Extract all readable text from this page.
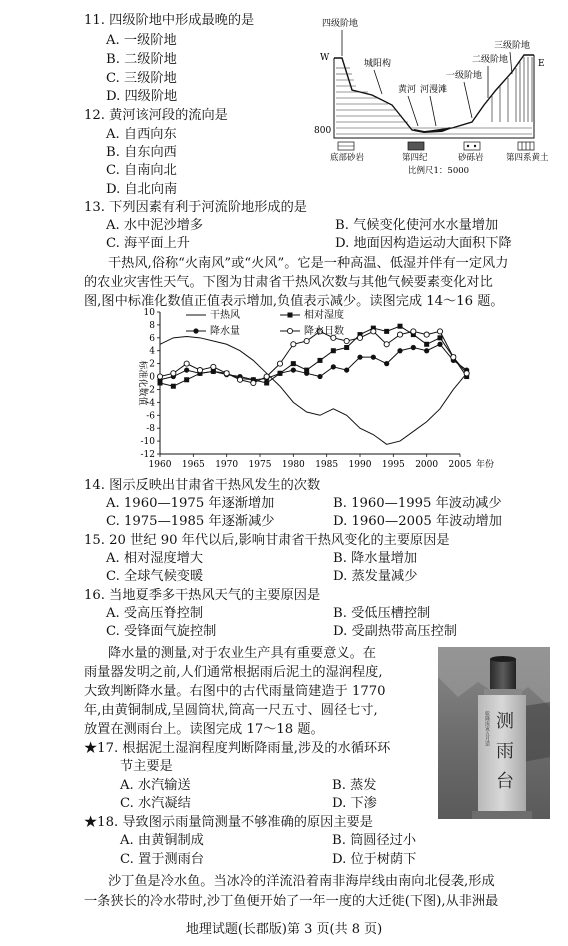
11. 四级阶地中形成最晚的是
A. 一级阶地
B. 二级阶地
C. 三级阶地
D. 四级阶地
12. 黄河该河段的流向是
A. 自西向东
B. 自东向西
C. 自南向北
D. 自北向南
四级阶地
W
城阳构
黄河 河漫滩
一级阶地
二级阶地
三级阶地
E
800
底部砂岩	第四纪	砂砾岩	第四系黄土
比例尺1：5000
13. 下列因素有利于河流阶地形成的是
A. 水中泥沙增多	B. 气候变化使河水水量增加
C. 海平面上升	D. 地面因构造运动大面积下降
干热风,俗称“火南风”或“火风”。它是一种高温、低湿并伴有一定风力
的农业灾害性天气。下图为甘肃省干热风次数与其他气候要素变化对比
图,图中标准化数值正值表示增加,负值表示减少。读图完成 14～16 题。
10
8
6
4
2
0
-2
-4
-6
-8
-10
-12
1960 1965 1970 1975 1980 1985 1990 1995 2000 2005 年份
标准化数值
干热风	相对湿度
降水量	降水日数
14. 图示反映出甘肃省干热风发生的次数
A. 1960—1975 年逐渐增加	B. 1960—1995 年波动减少
C. 1975—1985 年逐渐减少	D. 1960—2005 年波动增加
15. 20 世纪 90 年代以后,影响甘肃省干热风变化的主要原因是
A. 相对湿度增大	B. 降水量增加
C. 全球气候变暖	D. 蒸发量减少
16. 当地夏季多干热风天气的主要原因是
A. 受高压脊控制	B. 受低压槽控制
C. 受锋面气旋控制	D. 受副热带高压控制
降水量的测量,对于农业生产具有重要意义。在
雨量器发明之前,人们通常根据雨后泥土的湿润程度,
大致判断降水量。右图中的古代雨量筒建造于 1770
年,由黄铜制成,呈圆筒状,筒高一尺五寸、圆径七寸,
放置在测雨台上。读图完成 17～18 题。
★17. 根据泥土湿润程度判断降雨量,涉及的水循环环
节主要是
A. 水汽输送	B. 蒸发
C. 水汽凝结	D. 下渗
★18. 导致图示雨量筒测量不够准确的原因主要是
A. 由黄铜制成	B. 筒圆径过小
C. 置于测雨台	D. 位于树荫下
测
雨
台
乾隆庚寅五月造
沙丁鱼是冷水鱼。当冰冷的洋流沿着南非海岸线由南向北侵袭,形成
一条狭长的冷水带时,沙丁鱼便开始了一年一度的大迁徙(下图),从非洲最
地理试题(长郡版)第 3 页(共 8 页)
